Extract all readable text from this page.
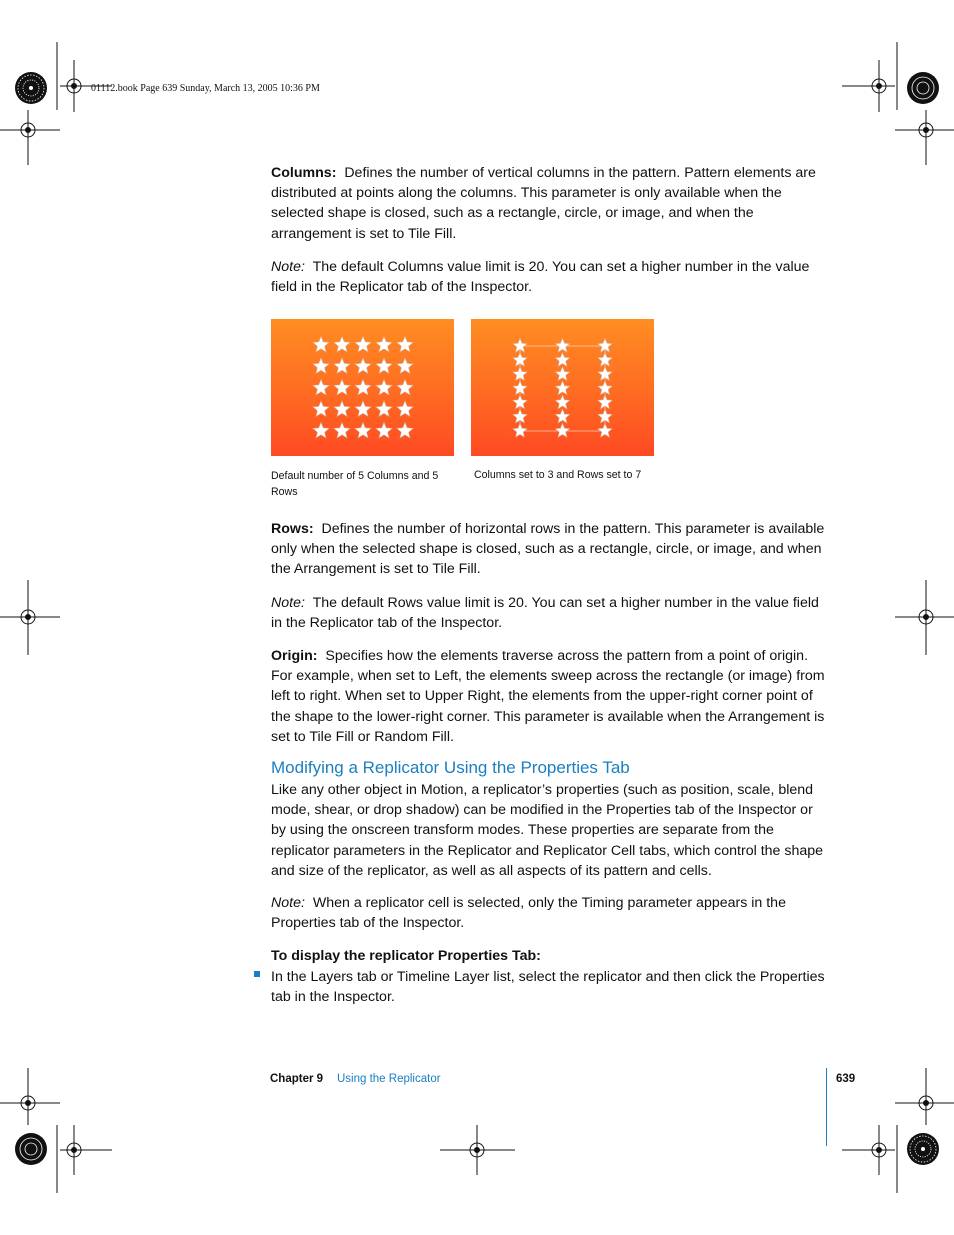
01112.book Page 639 Sunday, March 13, 2005 10:36 PM
Columns: Defines the number of vertical columns in the pattern. Pattern elements are distributed at points along the columns. This parameter is only available when the selected shape is closed, such as a rectangle, circle, or image, and when the arrangement is set to Tile Fill.
Note: The default Columns value limit is 20. You can set a higher number in the value field in the Replicator tab of the Inspector.
Default number of 5 Columns and 5 Rows
Columns set to 3 and Rows set to 7
Rows: Defines the number of horizontal rows in the pattern. This parameter is available only when the selected shape is closed, such as a rectangle, circle, or image, and when the Arrangement is set to Tile Fill.
Note: The default Rows value limit is 20. You can set a higher number in the value field in the Replicator tab of the Inspector.
Origin: Specifies how the elements traverse across the pattern from a point of origin. For example, when set to Left, the elements sweep across the rectangle (or image) from left to right. When set to Upper Right, the elements from the upper-right corner point of the shape to the lower-right corner. This parameter is available when the Arrangement is set to Tile Fill or Random Fill.
Modifying a Replicator Using the Properties Tab
Like any other object in Motion, a replicator’s properties (such as position, scale, blend mode, shear, or drop shadow) can be modified in the Properties tab of the Inspector or by using the onscreen transform modes. These properties are separate from the replicator parameters in the Replicator and Replicator Cell tabs, which control the shape and size of the replicator, as well as all aspects of its pattern and cells.
Note: When a replicator cell is selected, only the Timing parameter appears in the Properties tab of the Inspector.
To display the replicator Properties Tab:
In the Layers tab or Timeline Layer list, select the replicator and then click the Properties tab in the Inspector.
Chapter 9 Using the Replicator	639
